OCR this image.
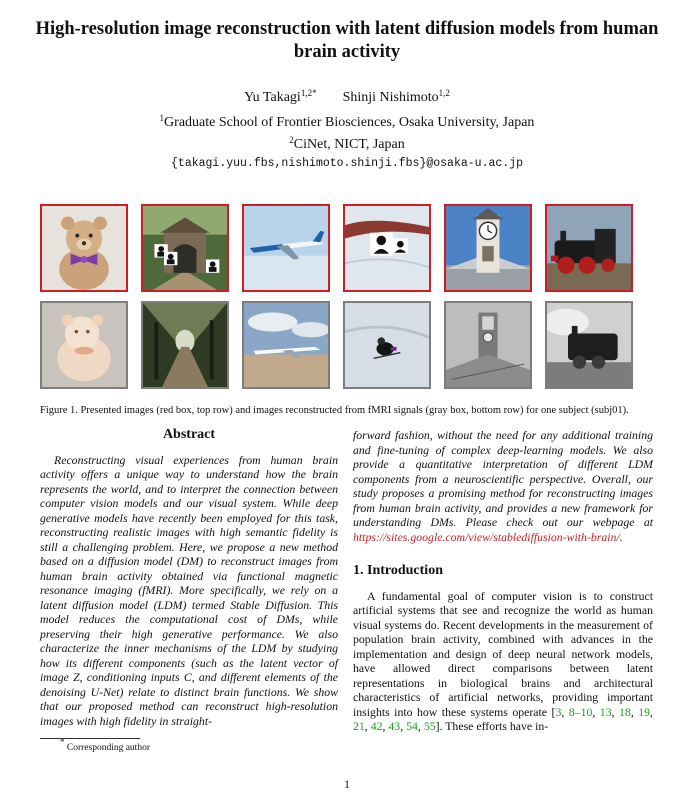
High-resolution image reconstruction with latent diffusion models from human brain activity
Yu Takagi$^{1,2*}$ Shinji Nishimoto$^{1,2}$
$^1$Graduate School of Frontier Biosciences, Osaka University, Japan
$^2$CiNet, NICT, Japan
{takagi.yuu.fbs,nishimoto.shinji.fbs}@osaka-u.ac.jp
Figure 1. Presented images (red box, top row) and images reconstructed from fMRI signals (gray box, bottom row) for one subject (subj01).
Abstract

Reconstructing visual experiences from human brain activity offers a unique way to understand how the brain represents the world, and to interpret the connection between computer vision models and our visual system. While deep generative models have recently been employed for this task, reconstructing realistic images with high semantic fidelity is still a challenging problem. Here, we propose a new method based on a diffusion model (DM) to reconstruct images from human brain activity obtained via functional magnetic resonance imaging (fMRI). More specifically, we rely on a latent diffusion model (LDM) termed Stable Diffusion. This model reduces the computational cost of DMs, while preserving their high generative performance. We also characterize the inner mechanisms of the LDM by studying how its different components (such as the latent vector of image Z, conditioning inputs C, and different elements of the denoising U-Net) relate to distinct brain functions. We show that our proposed method can reconstruct high-resolution images with high fidelity in straight-

forward fashion, without the need for any additional training and fine-tuning of complex deep-learning models. We also provide a quantitative interpretation of different LDM components from a neuroscientific perspective. Overall, our study proposes a promising method for reconstructing images from human brain activity, and provides a new framework for understanding DMs. Please check out our webpage at https://sites.google.com/view/stablediffusion-with-brain/.

1. Introduction

A fundamental goal of computer vision is to construct artificial systems that see and recognize the world as human visual systems do. Recent developments in the measurement of population brain activity, combined with advances in the implementation and design of deep neural network models, have allowed direct comparisons between latent representations in biological brains and architectural characteristics of artificial networks, providing important insights into how these systems operate [3, 8–10, 13, 18, 19, 21, 42, 43, 54, 55]. These efforts have in-

* Corresponding author
1
